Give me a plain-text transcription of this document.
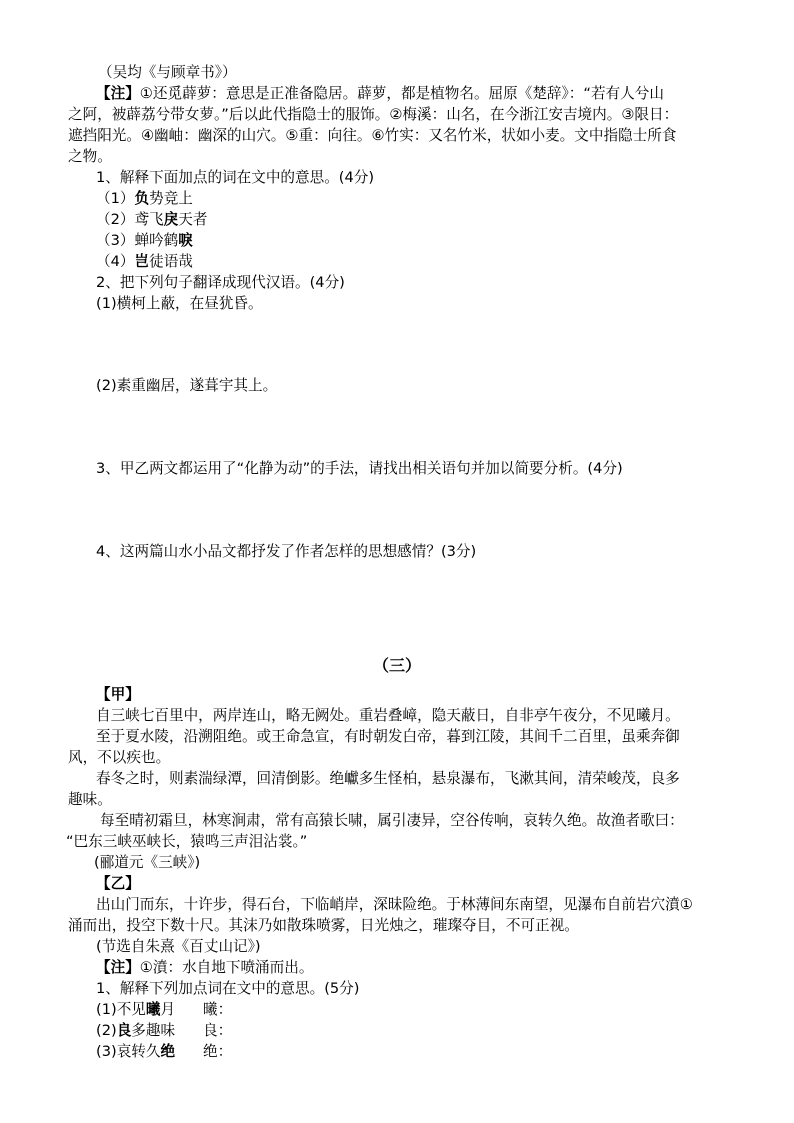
（吴均《与顾章书》）
【注】①还觅薜萝：意思是正准备隐居。薜萝，都是植物名。屈原《楚辞》：“若有人兮山
之阿，被薜荔兮带女萝。”后以此代指隐士的服饰。②梅溪：山名，在今浙江安吉境内。③限日：
遮挡阳光。④幽岫：幽深的山穴。⑤重：向往。⑥竹实：又名竹米，状如小麦。文中指隐士所食
之物。
1、解释下面加点的词在文中的意思。(4分)
（1）负势竞上
（2）鸢飞戾天者
（3）蝉吟鹤唳
（4）岂徒语哉
2、把下列句子翻译成现代汉语。(4分)
(1)横柯上蔽，在昼犹昏。
(2)素重幽居，遂葺宇其上。
3、甲乙两文都运用了“化静为动”的手法，请找出相关语句并加以简要分析。(4分)
4、这两篇山水小品文都抒发了作者怎样的思想感情？(3分)
（三）
【甲】
自三峡七百里中，两岸连山，略无阙处。重岩叠嶂，隐天蔽日，自非亭午夜分，不见曦月。
至于夏水陵，沿溯阻绝。或王命急宣，有时朝发白帝，暮到江陵，其间千二百里，虽乘奔御
风，不以疾也。
春冬之时，则素湍绿潭，回清倒影。绝巘多生怪柏，悬泉瀑布，飞漱其间，清荣峻茂，良多
趣味。
每至晴初霜旦，林寒涧肃，常有高猿长啸，属引凄异，空谷传响，哀转久绝。故渔者歌曰：
“巴东三峡巫峡长，猿鸣三声泪沾裳。”
(郦道元《三峡》)
【乙】
出山门而东，十许步，得石台，下临峭岸，深昧险绝。于林薄间东南望，见瀑布自前岩穴濆①
涌而出，投空下数十尺。其沫乃如散珠喷雾，日光烛之，璀璨夺目，不可正视。
(节选自朱熹《百丈山记》)
【注】①濆：水自地下喷涌而出。
1、解释下列加点词在文中的意思。(5分)
(1)不见曦月 曦：
(2)良多趣味 良：
(3)哀转久绝 绝：
